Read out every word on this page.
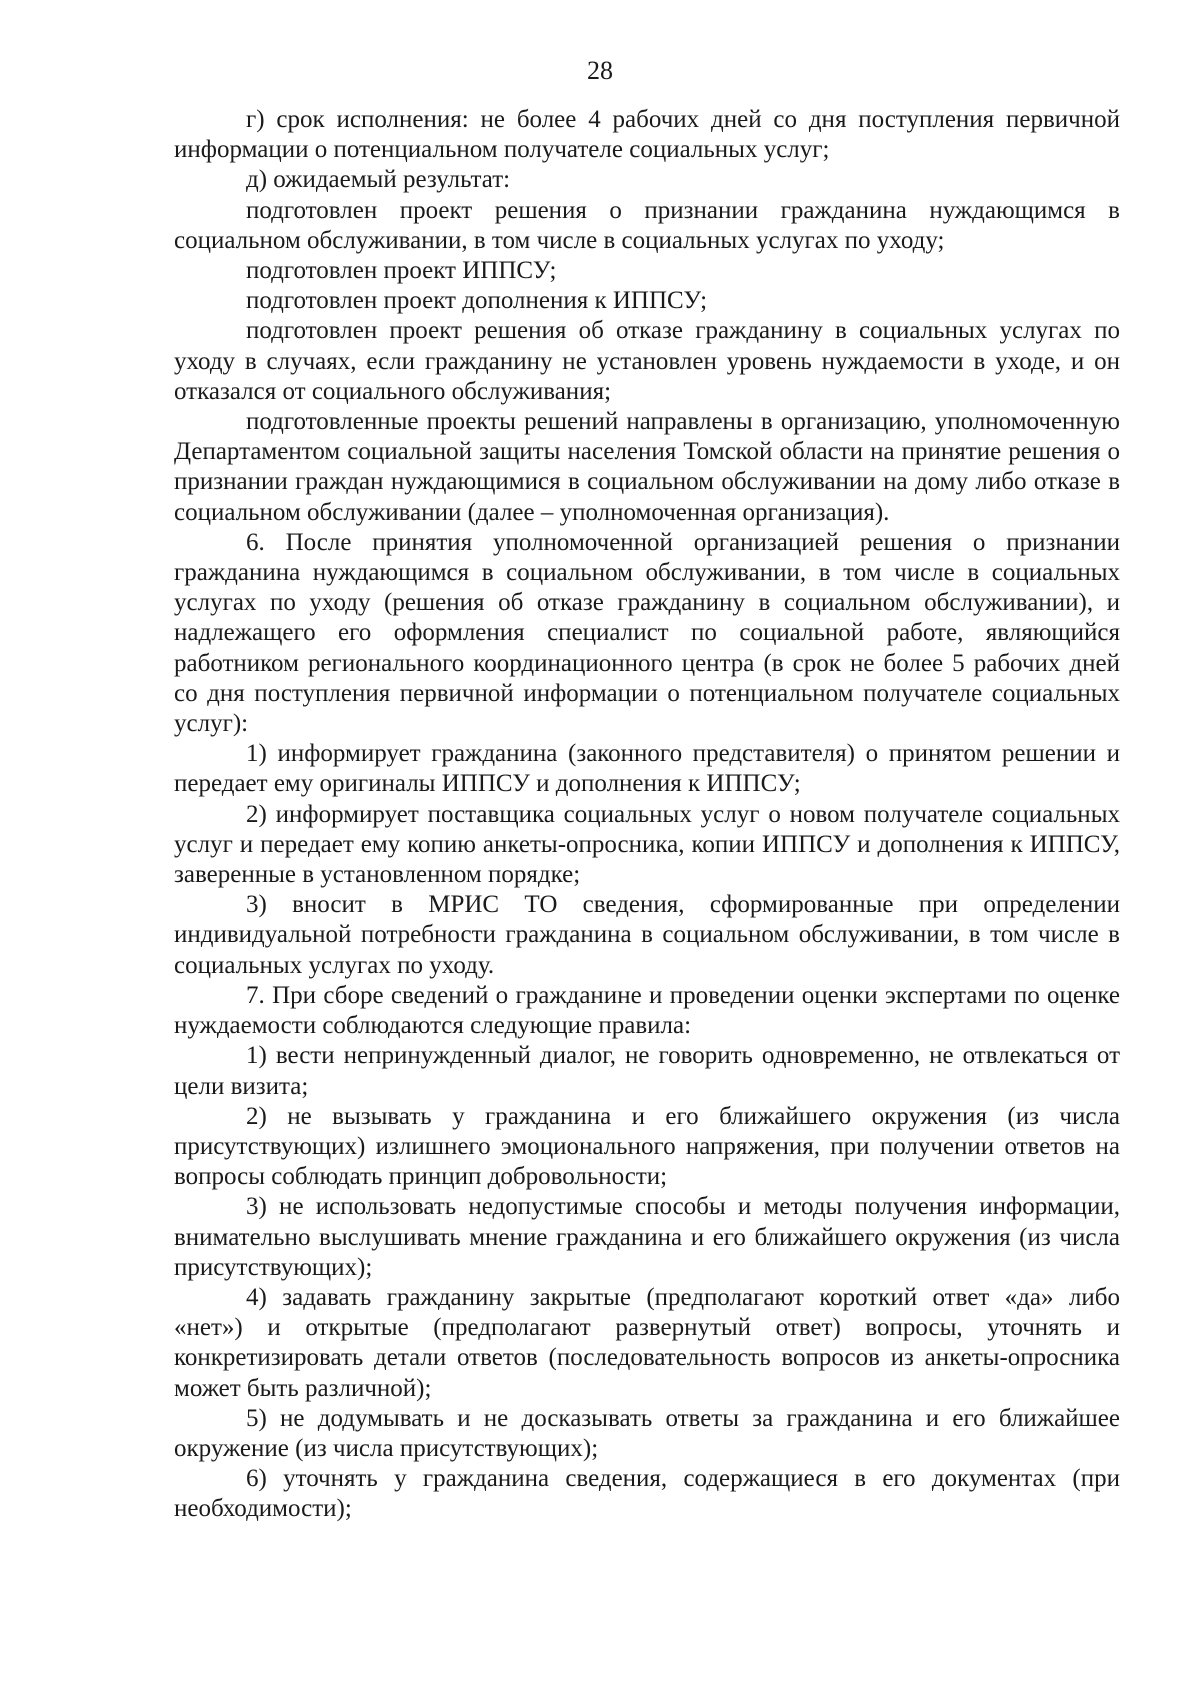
28

г) срок исполнения: не более 4 рабочих дней со дня поступления первичной информации о потенциальном получателе социальных услуг;

д) ожидаемый результат:

подготовлен проект решения о признании гражданина нуждающимся в социальном обслуживании, в том числе в социальных услугах по уходу;

подготовлен проект ИППСУ;

подготовлен проект дополнения к ИППСУ;

подготовлен проект решения об отказе гражданину в социальных услугах по уходу в случаях, если гражданину не установлен уровень нуждаемости в уходе, и он отказался от социального обслуживания;

подготовленные проекты решений направлены в организацию, уполномоченную Департаментом социальной защиты населения Томской области на принятие решения о признании граждан нуждающимися в социальном обслуживании на дому либо отказе в социальном обслуживании (далее – уполномоченная организация).

6. После принятия уполномоченной организацией решения о признании гражданина нуждающимся в социальном обслуживании, в том числе в социальных услугах по уходу (решения об отказе гражданину в социальном обслуживании), и надлежащего его оформления специалист по социальной работе, являющийся работником регионального координационного центра (в срок не более 5 рабочих дней со дня поступления первичной информации о потенциальном получателе социальных услуг):

1) информирует гражданина (законного представителя) о принятом решении и передает ему оригиналы ИППСУ и дополнения к ИППСУ;

2) информирует поставщика социальных услуг о новом получателе социальных услуг и передает ему копию анкеты-опросника, копии ИППСУ и дополнения к ИППСУ, заверенные в установленном порядке;

3) вносит в МРИС ТО сведения, сформированные при определении индивидуальной потребности гражданина в социальном обслуживании, в том числе в социальных услугах по уходу.

7. При сборе сведений о гражданине и проведении оценки экспертами по оценке нуждаемости соблюдаются следующие правила:

1) вести непринужденный диалог, не говорить одновременно, не отвлекаться от цели визита;

2) не вызывать у гражданина и его ближайшего окружения (из числа присутствующих) излишнего эмоционального напряжения, при получении ответов на вопросы соблюдать принцип добровольности;

3) не использовать недопустимые способы и методы получения информации, внимательно выслушивать мнение гражданина и его ближайшего окружения (из числа присутствующих);

4) задавать гражданину закрытые (предполагают короткий ответ «да» либо «нет») и открытые (предполагают развернутый ответ) вопросы, уточнять и конкретизировать детали ответов (последовательность вопросов из анкеты-опросника может быть различной);

5) не додумывать и не досказывать ответы за гражданина и его ближайшее окружение (из числа присутствующих);

6) уточнять у гражданина сведения, содержащиеся в его документах (при необходимости);
